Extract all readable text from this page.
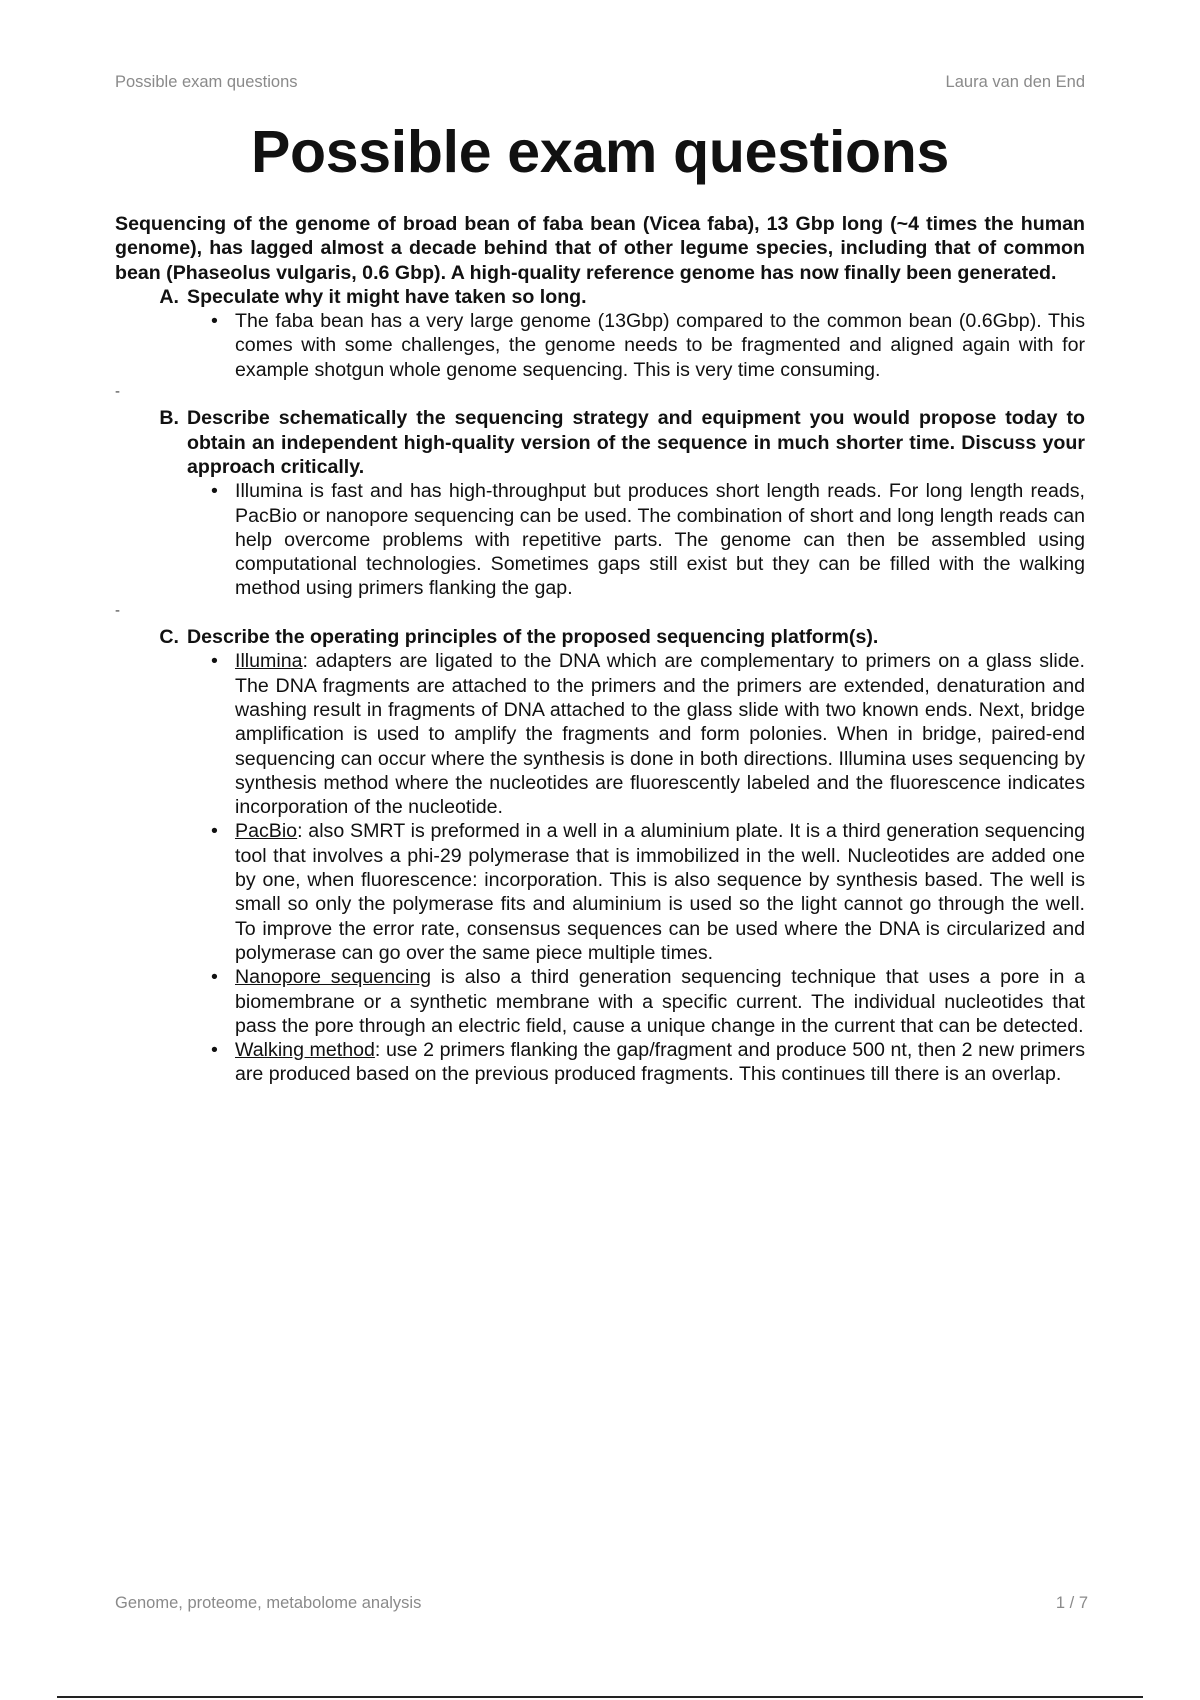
Possible exam questions	Laura van den End
Possible exam questions

Sequencing of the genome of broad bean of faba bean (Vicea faba), 13 Gbp long (~4 times the human genome), has lagged almost a decade behind that of other legume species, including that of common bean (Phaseolus vulgaris, 0.6 Gbp). A high-quality reference genome has now finally been generated.

A. Speculate why it might have taken so long.
• The faba bean has a very large genome (13Gbp) compared to the common bean (0.6Gbp). This comes with some challenges, the genome needs to be fragmented and aligned again with for example shotgun whole genome sequencing. This is very time consuming.
-
B. Describe schematically the sequencing strategy and equipment you would propose today to obtain an independent high-quality version of the sequence in much shorter time. Discuss your approach critically.
• Illumina is fast and has high-throughput but produces short length reads. For long length reads, PacBio or nanopore sequencing can be used. The combination of short and long length reads can help overcome problems with repetitive parts. The genome can then be assembled using computational technologies. Sometimes gaps still exist but they can be filled with the walking method using primers flanking the gap.
-
C. Describe the operating principles of the proposed sequencing platform(s).
• Illumina: adapters are ligated to the DNA which are complementary to primers on a glass slide. The DNA fragments are attached to the primers and the primers are extended, denaturation and washing result in fragments of DNA attached to the glass slide with two known ends. Next, bridge amplification is used to amplify the fragments and form polonies. When in bridge, paired-end sequencing can occur where the synthesis is done in both directions. Illumina uses sequencing by synthesis method where the nucleotides are fluorescently labeled and the fluorescence indicates incorporation of the nucleotide.
• PacBio: also SMRT is preformed in a well in a aluminium plate. It is a third generation sequencing tool that involves a phi-29 polymerase that is immobilized in the well. Nucleotides are added one by one, when fluorescence: incorporation. This is also sequence by synthesis based. The well is small so only the polymerase fits and aluminium is used so the light cannot go through the well. To improve the error rate, consensus sequences can be used where the DNA is circularized and polymerase can go over the same piece multiple times.
• Nanopore sequencing is also a third generation sequencing technique that uses a pore in a biomembrane or a synthetic membrane with a specific current. The individual nucleotides that pass the pore through an electric field, cause a unique change in the current that can be detected.
• Walking method: use 2 primers flanking the gap/fragment and produce 500 nt, then 2 new primers are produced based on the previous produced fragments. This continues till there is an overlap.
Genome, proteome, metabolome analysis	1 / 7
